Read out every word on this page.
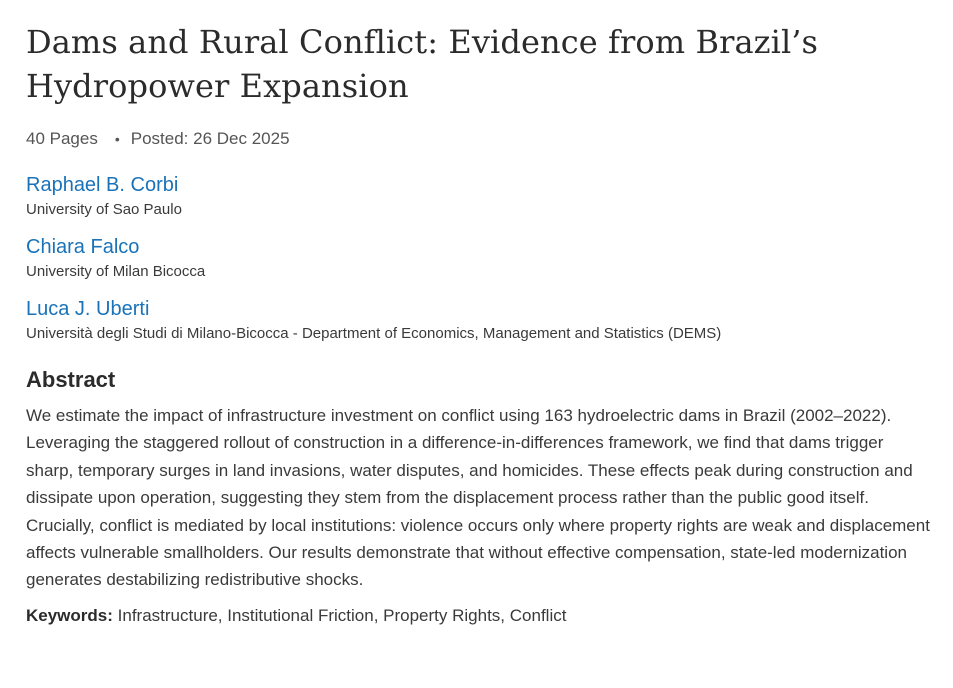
Dams and Rural Conflict: Evidence from Brazil’s
Hydropower Expansion
40 Pages • Posted: 26 Dec 2025
Raphael B. Corbi
University of Sao Paulo
Chiara Falco
University of Milan Bicocca
Luca J. Uberti
Università degli Studi di Milano-Bicocca - Department of Economics, Management and Statistics (DEMS)
Abstract
We estimate the impact of infrastructure investment on conflict using 163 hydroelectric dams in Brazil (2002–2022). Leveraging the staggered rollout of construction in a difference-in-differences framework, we find that dams trigger sharp, temporary surges in land invasions, water disputes, and homicides. These effects peak during construction and dissipate upon operation, suggesting they stem from the displacement process rather than the public good itself. Crucially, conflict is mediated by local institutions: violence occurs only where property rights are weak and displacement affects vulnerable smallholders. Our results demonstrate that without effective compensation, state-led modernization generates destabilizing redistributive shocks.
Keywords: Infrastructure, Institutional Friction, Property Rights, Conflict
